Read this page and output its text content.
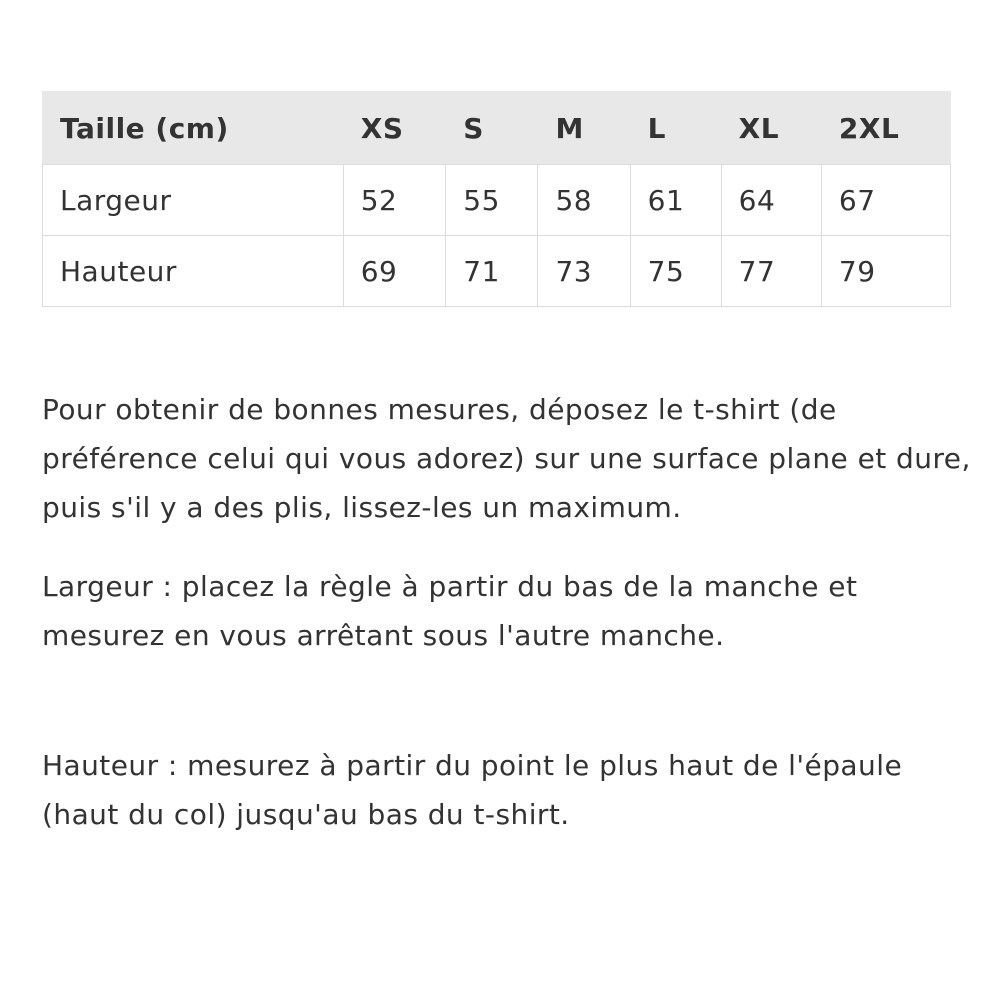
Taille (cm)	XS	S	M	L	XL	2XL
Largeur	52	55	58	61	64	67
Hauteur	69	71	73	75	77	79

Pour obtenir de bonnes mesures, déposez le t-shirt (de préférence celui qui vous adorez) sur une surface plane et dure, puis s'il y a des plis, lissez-les un maximum.

Largeur : placez la règle à partir du bas de la manche et mesurez en vous arrêtant sous l'autre manche.

Hauteur : mesurez à partir du point le plus haut de l'épaule (haut du col) jusqu'au bas du t-shirt.
